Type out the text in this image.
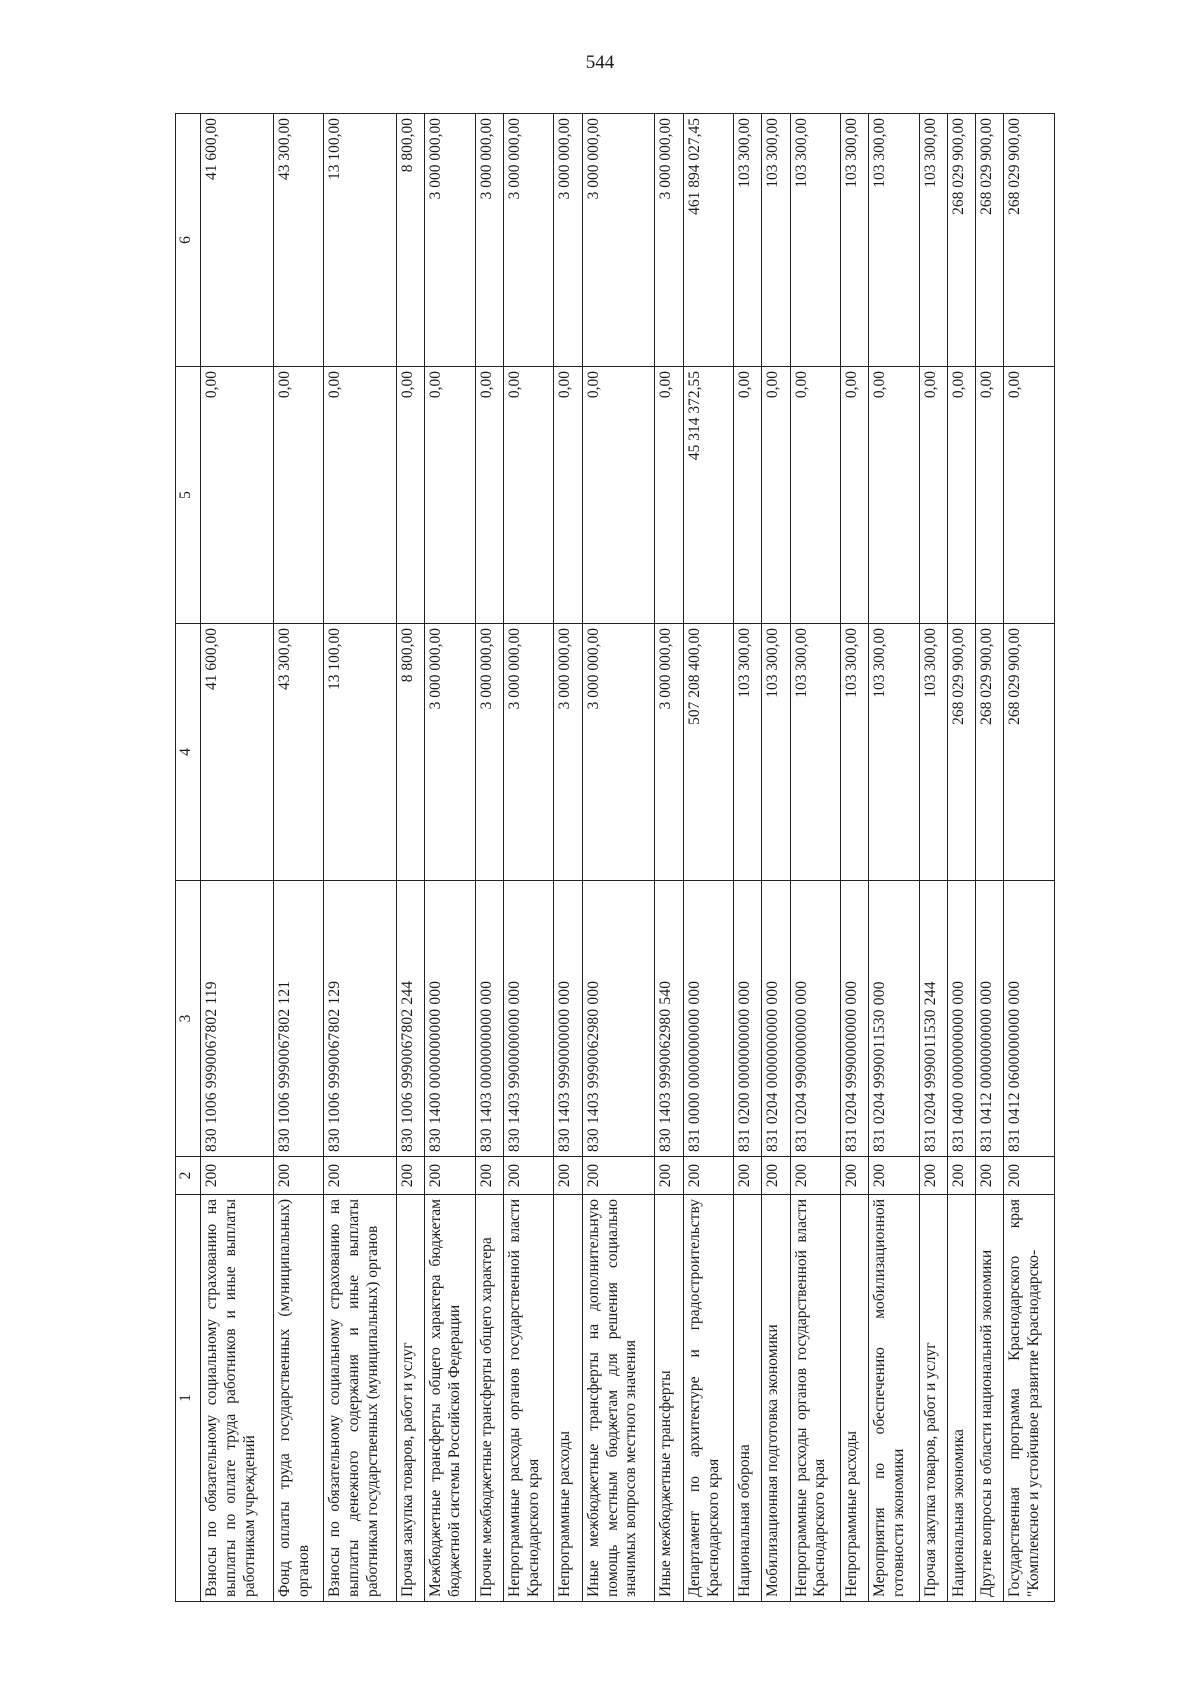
544
1	2	3	4	5	6
Взносы по обязательному социальному страхованию на выплаты по оплате труда работников и иные выплаты работникам учреждений	200	830 1006 9990067802 119	41 600,00	0,00	41 600,00
Фонд оплаты труда государственных (муниципальных) органов	200	830 1006 9990067802 121	43 300,00	0,00	43 300,00
Взносы по обязательному социальному страхованию на выплаты денежного содержания и иные выплаты работникам государственных (муниципальных) органов	200	830 1006 9990067802 129	13 100,00	0,00	13 100,00
Прочая закупка товаров, работ и услуг	200	830 1006 9990067802 244	8 800,00	0,00	8 800,00
Межбюджетные трансферты общего характера бюджетам бюджетной системы Российской Федерации	200	830 1400 0000000000 000	3 000 000,00	0,00	3 000 000,00
Прочие межбюджетные трансферты общего характера	200	830 1403 0000000000 000	3 000 000,00	0,00	3 000 000,00
Непрограммные расходы органов государственной власти Краснодарского края	200	830 1403 9900000000 000	3 000 000,00	0,00	3 000 000,00
Непрограммные расходы	200	830 1403 9990000000 000	3 000 000,00	0,00	3 000 000,00
Иные межбюджетные трансферты на дополнительную помощь местным бюджетам для решения социально значимых вопросов местного значения	200	830 1403 9990062980 000	3 000 000,00	0,00	3 000 000,00
Иные межбюджетные трансферты	200	830 1403 9990062980 540	3 000 000,00	0,00	3 000 000,00
Департамент по архитектуре и градостроительству Краснодарского края	200	831 0000 0000000000 000	507 208 400,00	45 314 372,55	461 894 027,45
Национальная оборона	200	831 0200 0000000000 000	103 300,00	0,00	103 300,00
Мобилизационная подготовка экономики	200	831 0204 0000000000 000	103 300,00	0,00	103 300,00
Непрограммные расходы органов государственной власти Краснодарского края	200	831 0204 9900000000 000	103 300,00	0,00	103 300,00
Непрограммные расходы	200	831 0204 9990000000 000	103 300,00	0,00	103 300,00
Мероприятия по обеспечению мобилизационной готовности экономики	200	831 0204 9990011530 000	103 300,00	0,00	103 300,00
Прочая закупка товаров, работ и услуг	200	831 0204 9990011530 244	103 300,00	0,00	103 300,00
Национальная экономика	200	831 0400 0000000000 000	268 029 900,00	0,00	268 029 900,00
Другие вопросы в области национальной экономики	200	831 0412 0000000000 000	268 029 900,00	0,00	268 029 900,00
Государственная программа Краснодарского края "Комплексное и устойчивое развитие Краснодарско-	200	831 0412 0600000000 000	268 029 900,00	0,00	268 029 900,00
